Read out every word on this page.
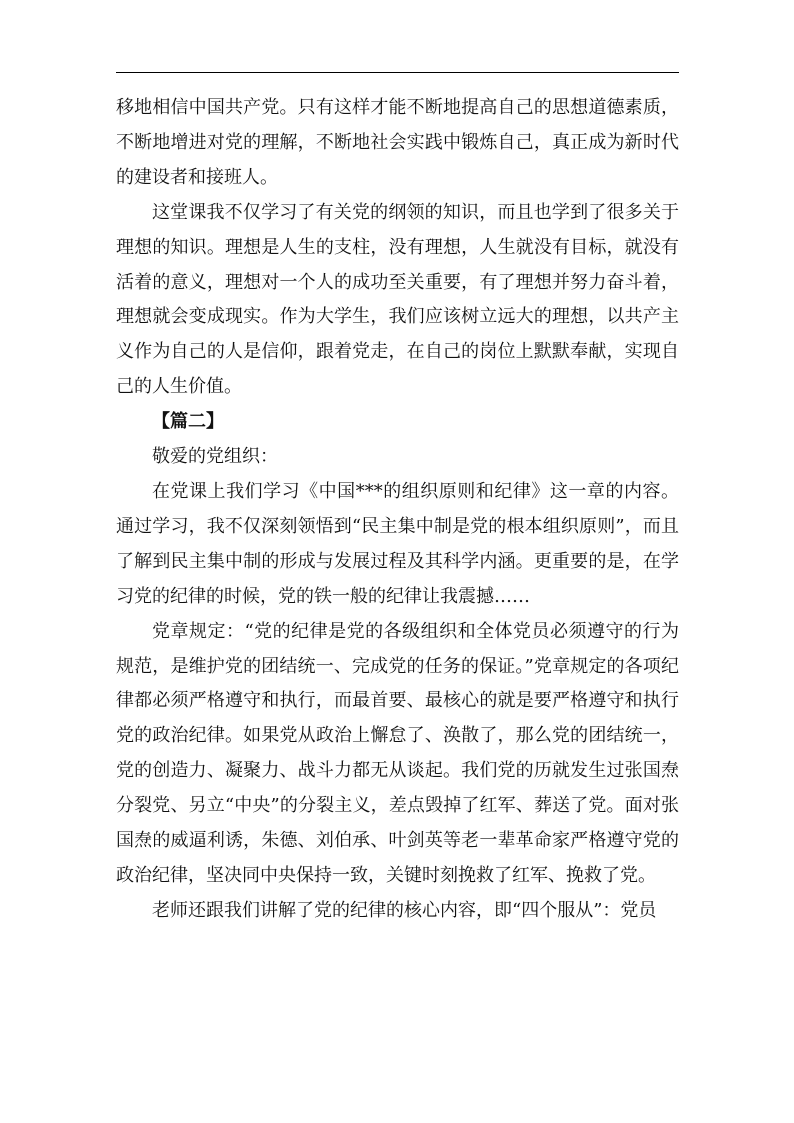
移地相信中国共产党。只有这样才能不断地提高自己的思想道德素质，不断地增进对党的理解，不断地社会实践中锻炼自己，真正成为新时代的建设者和接班人。

这堂课我不仅学习了有关党的纲领的知识，而且也学到了很多关于理想的知识。理想是人生的支柱，没有理想，人生就没有目标，就没有活着的意义，理想对一个人的成功至关重要，有了理想并努力奋斗着，理想就会变成现实。作为大学生，我们应该树立远大的理想，以共产主义作为自己的人是信仰，跟着党走，在自己的岗位上默默奉献，实现自己的人生价值。

【篇二】

敬爱的党组织：

在党课上我们学习《中国***的组织原则和纪律》这一章的内容。通过学习，我不仅深刻领悟到“民主集中制是党的根本组织原则”，而且了解到民主集中制的形成与发展过程及其科学内涵。更重要的是，在学习党的纪律的时候，党的铁一般的纪律让我震撼……

党章规定：“党的纪律是党的各级组织和全体党员必须遵守的行为规范，是维护党的团结统一、完成党的任务的保证。”党章规定的各项纪律都必须严格遵守和执行，而最首要、最核心的就是要严格遵守和执行党的政治纪律。如果党从政治上懈怠了、涣散了，那么党的团结统一，党的创造力、凝聚力、战斗力都无从谈起。我们党的历就发生过张国焘分裂党、另立“中央”的分裂主义，差点毁掉了红军、葬送了党。面对张国焘的威逼利诱，朱德、刘伯承、叶剑英等老一辈革命家严格遵守党的政治纪律，坚决同中央保持一致，关键时刻挽救了红军、挽救了党。

老师还跟我们讲解了党的纪律的核心内容，即“四个服从”：党员
